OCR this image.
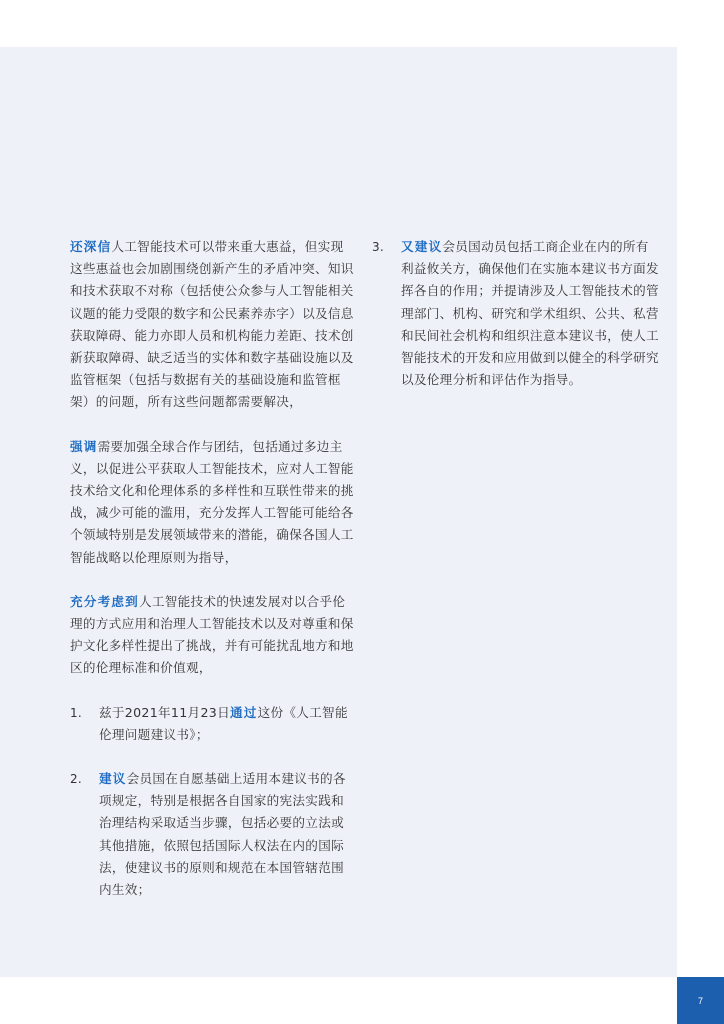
还深信人工智能技术可以带来重大惠益，但实现这些惠益也会加剧围绕创新产生的矛盾冲突、知识和技术获取不对称（包括使公众参与人工智能相关议题的能力受限的数字和公民素养赤字）以及信息获取障碍、能力亦即人员和机构能力差距、技术创新获取障碍、缺乏适当的实体和数字基础设施以及监管框架（包括与数据有关的基础设施和监管框架）的问题，所有这些问题都需要解决，

强调需要加强全球合作与团结，包括通过多边主义，以促进公平获取人工智能技术，应对人工智能技术给文化和伦理体系的多样性和互联性带来的挑战，减少可能的滥用，充分发挥人工智能可能给各个领域特别是发展领域带来的潜能，确保各国人工智能战略以伦理原则为指导，

充分考虑到人工智能技术的快速发展对以合乎伦理的方式应用和治理人工智能技术以及对尊重和保护文化多样性提出了挑战，并有可能扰乱地方和地区的伦理标准和价值观，

1. 兹于2021年11月23日通过这份《人工智能伦理问题建议书》；
2. 建议会员国在自愿基础上适用本建议书的各项规定，特别是根据各自国家的宪法实践和治理结构采取适当步骤，包括必要的立法或其他措施，依照包括国际人权法在内的国际法，使建议书的原则和规范在本国管辖范围内生效；
3. 又建议会员国动员包括工商企业在内的所有利益攸关方，确保他们在实施本建议书方面发挥各自的作用；并提请涉及人工智能技术的管理部门、机构、研究和学术组织、公共、私营和民间社会机构和组织注意本建议书，使人工智能技术的开发和应用做到以健全的科学研究以及伦理分析和评估作为指导。
7
